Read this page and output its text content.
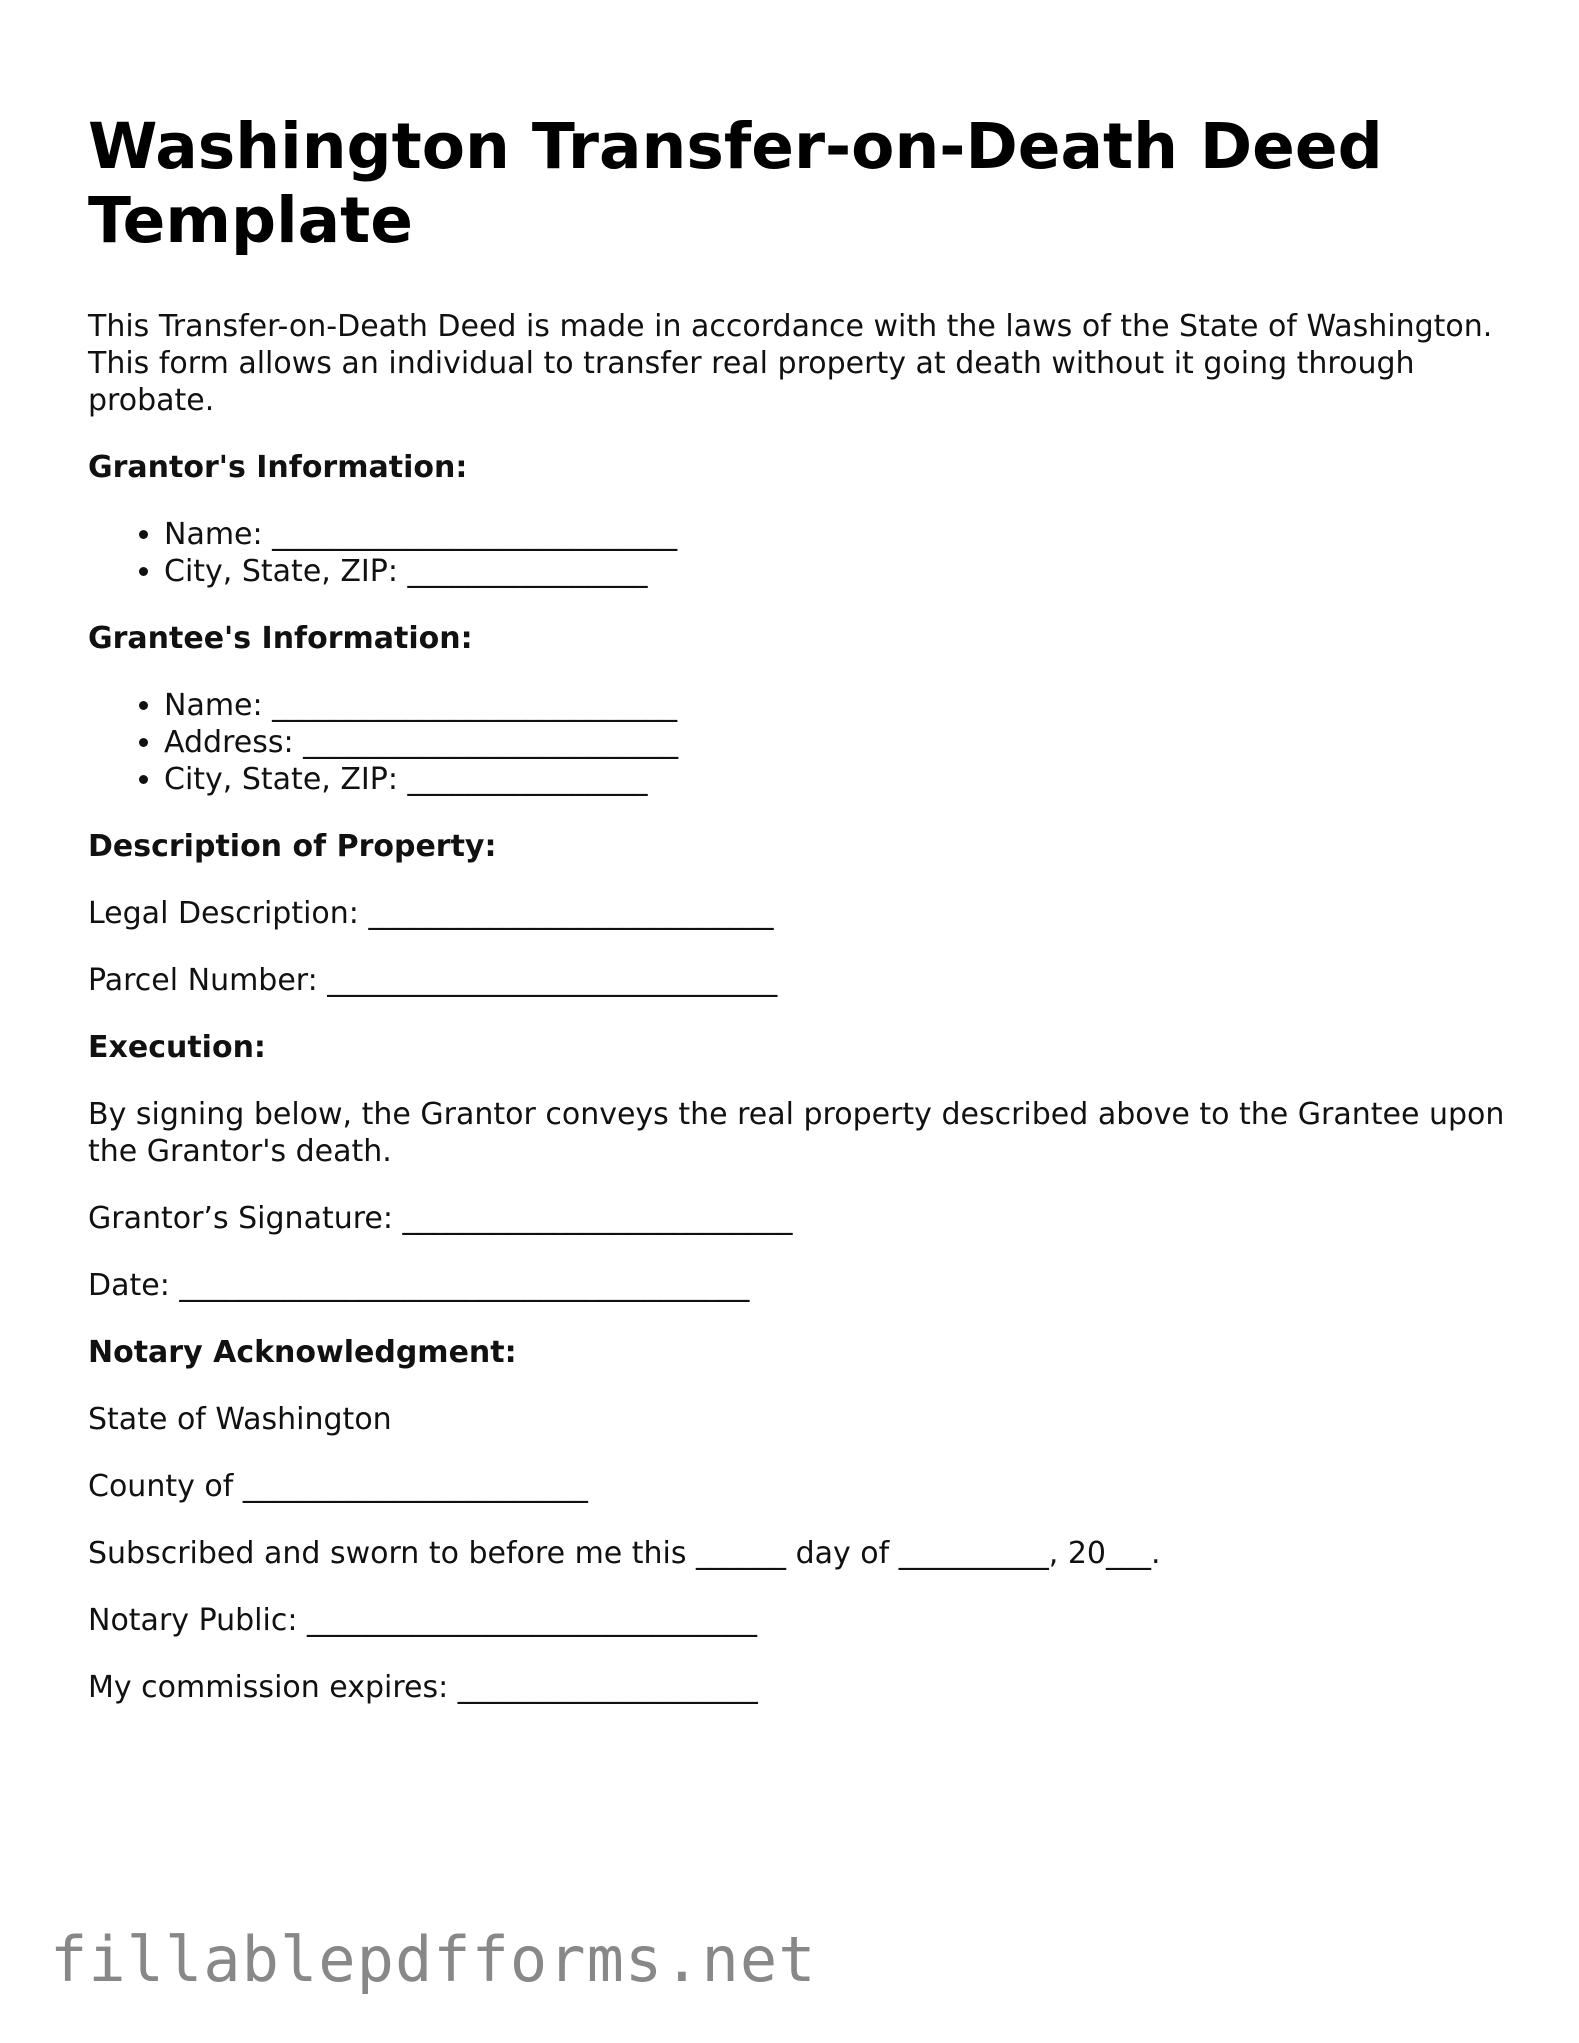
Washington Transfer-on-Death Deed Template

This Transfer-on-Death Deed is made in accordance with the laws of the State of Washington. This form allows an individual to transfer real property at death without it going through probate.

Grantor's Information:

• Name: ___________________________
• City, State, ZIP: ________________

Grantee's Information:

• Name: ___________________________
• Address: _________________________
• City, State, ZIP: ________________

Description of Property:

Legal Description: ___________________________

Parcel Number: ______________________________

Execution:

By signing below, the Grantor conveys the real property described above to the Grantee upon the Grantor's death.

Grantor’s Signature: __________________________

Date: ______________________________________

Notary Acknowledgment:

State of Washington

County of _______________________

Subscribed and sworn to before me this ______ day of __________, 20___.

Notary Public: ______________________________

My commission expires: ____________________

fillablepdfforms.net
